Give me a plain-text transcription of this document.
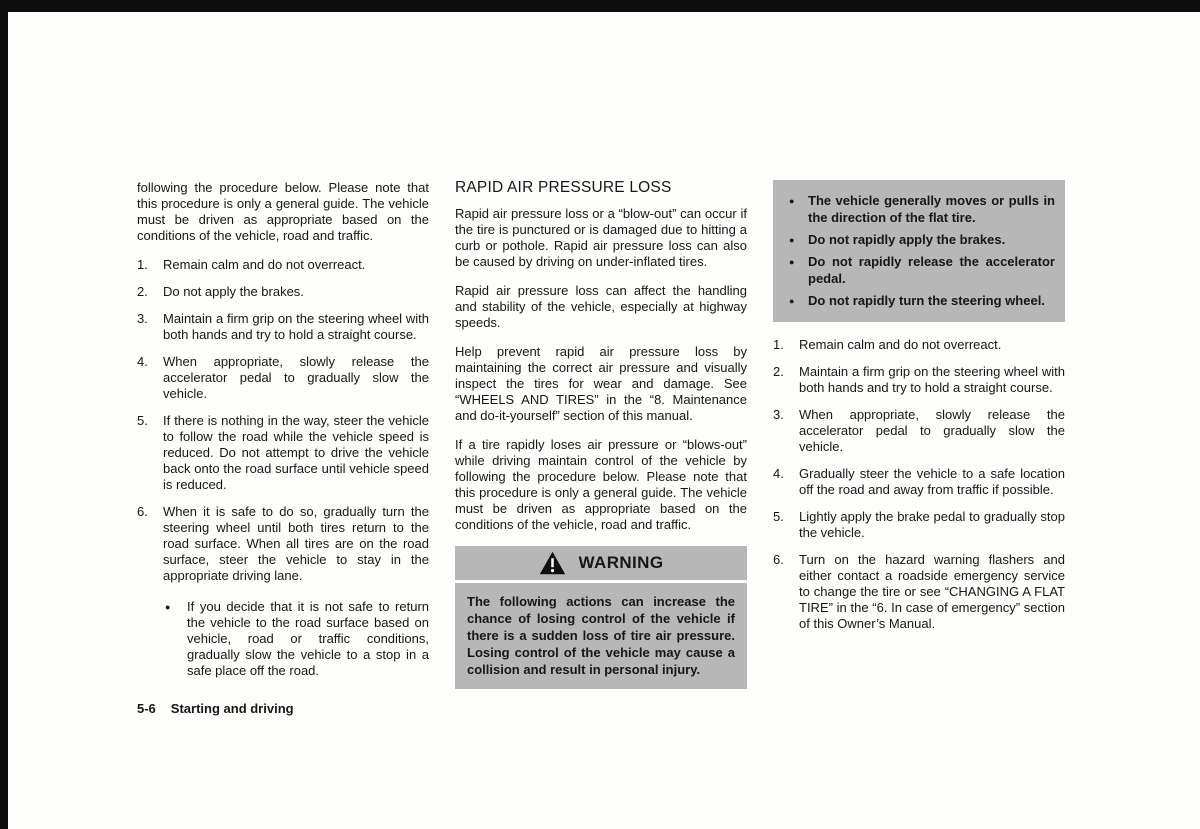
following the procedure below. Please note that this procedure is only a general guide. The vehicle must be driven as appropriate based on the conditions of the vehicle, road and traffic.

Remain calm and do not overreact.
Do not apply the brakes.
Maintain a firm grip on the steering wheel with both hands and try to hold a straight course.
When appropriate, slowly release the accelerator pedal to gradually slow the vehicle.
If there is nothing in the way, steer the vehicle to follow the road while the vehicle speed is reduced. Do not attempt to drive the vehicle back onto the road surface until vehicle speed is reduced.
When it is safe to do so, gradually turn the steering wheel until both tires return to the road surface. When all tires are on the road surface, steer the vehicle to stay in the appropriate driving lane.
● If you decide that it is not safe to return the vehicle to the road surface based on vehicle, road or traffic conditions, gradually slow the vehicle to a stop in a safe place off the road.
RAPID AIR PRESSURE LOSS

Rapid air pressure loss or a “blow-out” can occur if the tire is punctured or is damaged due to hitting a curb or pothole. Rapid air pressure loss can also be caused by driving on under-inflated tires.

Rapid air pressure loss can affect the handling and stability of the vehicle, especially at highway speeds.

Help prevent rapid air pressure loss by maintaining the correct air pressure and visually inspect the tires for wear and damage. See “WHEELS AND TIRES” in the “8. Maintenance and do-it-yourself” section of this manual.

If a tire rapidly loses air pressure or “blows-out” while driving maintain control of the vehicle by following the procedure below. Please note that this procedure is only a general guide. The vehicle must be driven as appropriate based on the conditions of the vehicle, road and traffic.

WARNING
The following actions can increase the chance of losing control of the vehicle if there is a sudden loss of tire air pressure. Losing control of the vehicle may cause a collision and result in personal injury.
● The vehicle generally moves or pulls in the direction of the flat tire.
● Do not rapidly apply the brakes.
● Do not rapidly release the accelerator pedal.
● Do not rapidly turn the steering wheel.
Remain calm and do not overreact.
Maintain a firm grip on the steering wheel with both hands and try to hold a straight course.
When appropriate, slowly release the accelerator pedal to gradually slow the vehicle.
Gradually steer the vehicle to a safe location off the road and away from traffic if possible.
Lightly apply the brake pedal to gradually stop the vehicle.
Turn on the hazard warning flashers and either contact a roadside emergency service to change the tire or see “CHANGING A FLAT TIRE” in the “6. In case of emergency” section of this Owner’s Manual.
5-6 Starting and driving
